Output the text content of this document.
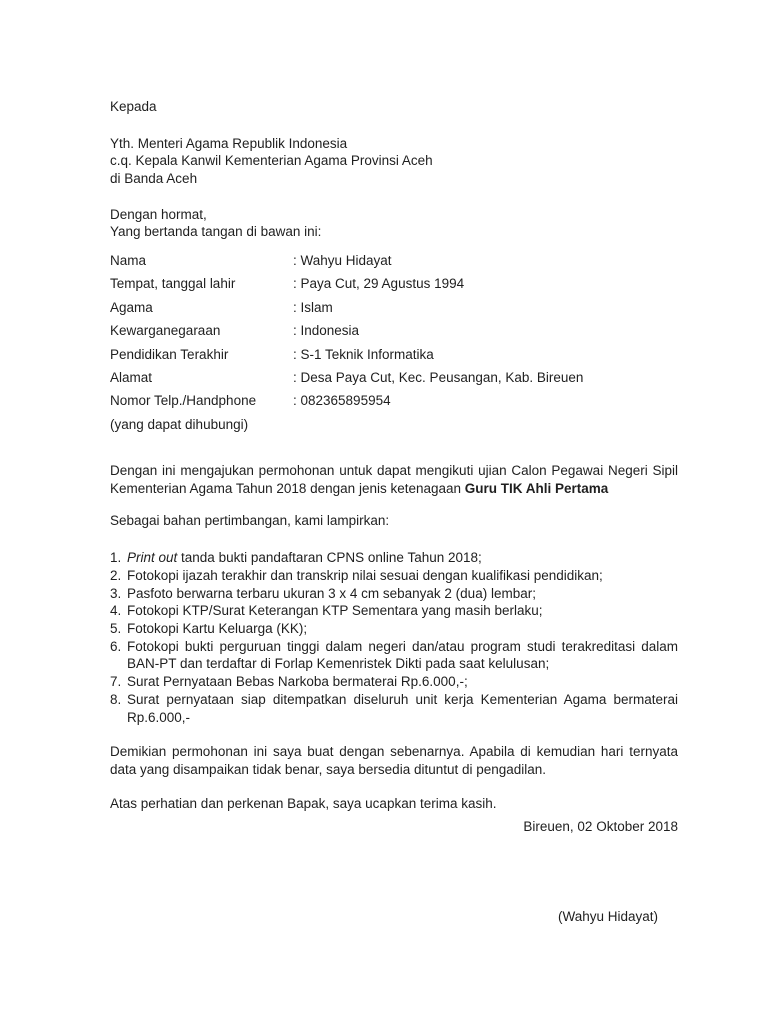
Kepada

Yth. Menteri Agama Republik Indonesia

c.q. Kepala Kanwil Kementerian Agama Provinsi Aceh

di Banda Aceh

Dengan hormat,

Yang bertanda tangan di bawan ini:

Nama	: Wahyu Hidayat
Tempat, tanggal lahir	: Paya Cut, 29 Agustus 1994
Agama	: Islam
Kewarganegaraan	: Indonesia
Pendidikan Terakhir	: S-1 Teknik Informatika
Alamat	: Desa Paya Cut, Kec. Peusangan, Kab. Bireuen
Nomor Telp./Handphone	: 082365895954
(yang dapat dihubungi)

Dengan ini mengajukan permohonan untuk dapat mengikuti ujian Calon Pegawai Negeri Sipil Kementerian Agama Tahun 2018 dengan jenis ketenagaan Guru TIK Ahli Pertama

Sebagai bahan pertimbangan, kami lampirkan:

1. Print out tanda bukti pandaftaran CPNS online Tahun 2018;
2. Fotokopi ijazah terakhir dan transkrip nilai sesuai dengan kualifikasi pendidikan;
3. Pasfoto berwarna terbaru ukuran 3 x 4 cm sebanyak 2 (dua) lembar;
4. Fotokopi KTP/Surat Keterangan KTP Sementara yang masih berlaku;
5. Fotokopi Kartu Keluarga (KK);
6. Fotokopi bukti perguruan tinggi dalam negeri dan/atau program studi terakreditasi dalam BAN-PT dan terdaftar di Forlap Kemenristek Dikti pada saat kelulusan;
7. Surat Pernyataan Bebas Narkoba bermaterai Rp.6.000,-;
8. Surat pernyataan siap ditempatkan diseluruh unit kerja Kementerian Agama bermaterai Rp.6.000,-

Demikian permohonan ini saya buat dengan sebenarnya. Apabila di kemudian hari ternyata data yang disampaikan tidak benar, saya bersedia dituntut di pengadilan.

Atas perhatian dan perkenan Bapak, saya ucapkan terima kasih.

Bireuen, 02 Oktober 2018

(Wahyu Hidayat)
